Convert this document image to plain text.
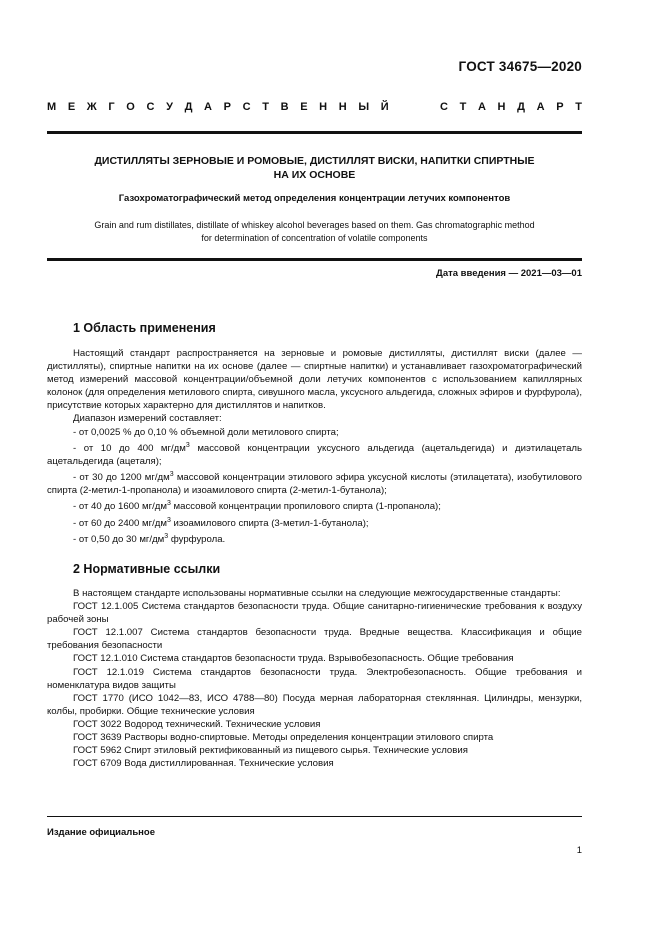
ГОСТ 34675—2020
М Е Ж Г О С У Д А Р С Т В Е Н Н Ы Й	С Т А Н Д А Р Т
ДИСТИЛЛЯТЫ ЗЕРНОВЫЕ И РОМОВЫЕ, ДИСТИЛЛЯТ ВИСКИ, НАПИТКИ СПИРТНЫЕ
НА ИХ ОСНОВЕ
Газохроматографический метод определения концентрации летучих компонентов
Grain and rum distillates, distillate of whiskey alcohol beverages based on them. Gas chromatographic method
for determination of concentration of volatile components
Дата введения — 2021—03—01
1 Область применения

Настоящий стандарт распространяется на зерновые и ромовые дистилляты, дистиллят виски (далее — дистилляты), спиртные напитки на их основе (далее — спиртные напитки) и устанавливает газохроматографический метод измерений массовой концентрации/объемной доли летучих компонентов с использованием капиллярных колонок (для определения метилового спирта, сивушного масла, уксусного альдегида, сложных эфиров и фурфурола), присутствие которых характерно для дистиллятов и напитков.

Диапазон измерений составляет:

- от 0,0025 % до 0,10 % объемной доли метилового спирта;

- от 10 до 400 $мг/дм^3$ массовой концентрации уксусного альдегида (ацетальдегида) и диэтилацеталь ацетальдегида (ацеталя);

- от 30 до 1200 $мг/дм^3$ массовой концентрации этилового эфира уксусной кислоты (этилацетата), изобутилового спирта (2-метил-1-пропанола) и изоамилового спирта (2-метил-1-бутанола);

- от 40 до 1600 $мг/дм^3$ массовой концентрации пропилового спирта (1-пропанола);

- от 60 до 2400 $мг/дм^3$ изоамилового спирта (3-метил-1-бутанола);

- от 0,50 до 30 $мг/дм^3$ фурфурола.

2 Нормативные ссылки

В настоящем стандарте использованы нормативные ссылки на следующие межгосударственные стандарты:

ГОСТ 12.1.005 Система стандартов безопасности труда. Общие санитарно-гигиенические требования к воздуху рабочей зоны

ГОСТ 12.1.007 Система стандартов безопасности труда. Вредные вещества. Классификация и общие требования безопасности

ГОСТ 12.1.010 Система стандартов безопасности труда. Взрывобезопасность. Общие требования

ГОСТ 12.1.019 Система стандартов безопасности труда. Электробезопасность. Общие требования и номенклатура видов защиты

ГОСТ 1770 (ИСО 1042—83, ИСО 4788—80) Посуда мерная лабораторная стеклянная. Цилиндры, мензурки, колбы, пробирки. Общие технические условия

ГОСТ 3022 Водород технический. Технические условия

ГОСТ 3639 Растворы водно-спиртовые. Методы определения концентрации этилового спирта

ГОСТ 5962 Спирт этиловый ректификованный из пищевого сырья. Технические условия

ГОСТ 6709 Вода дистиллированная. Технические условия

Издание официальное
1
